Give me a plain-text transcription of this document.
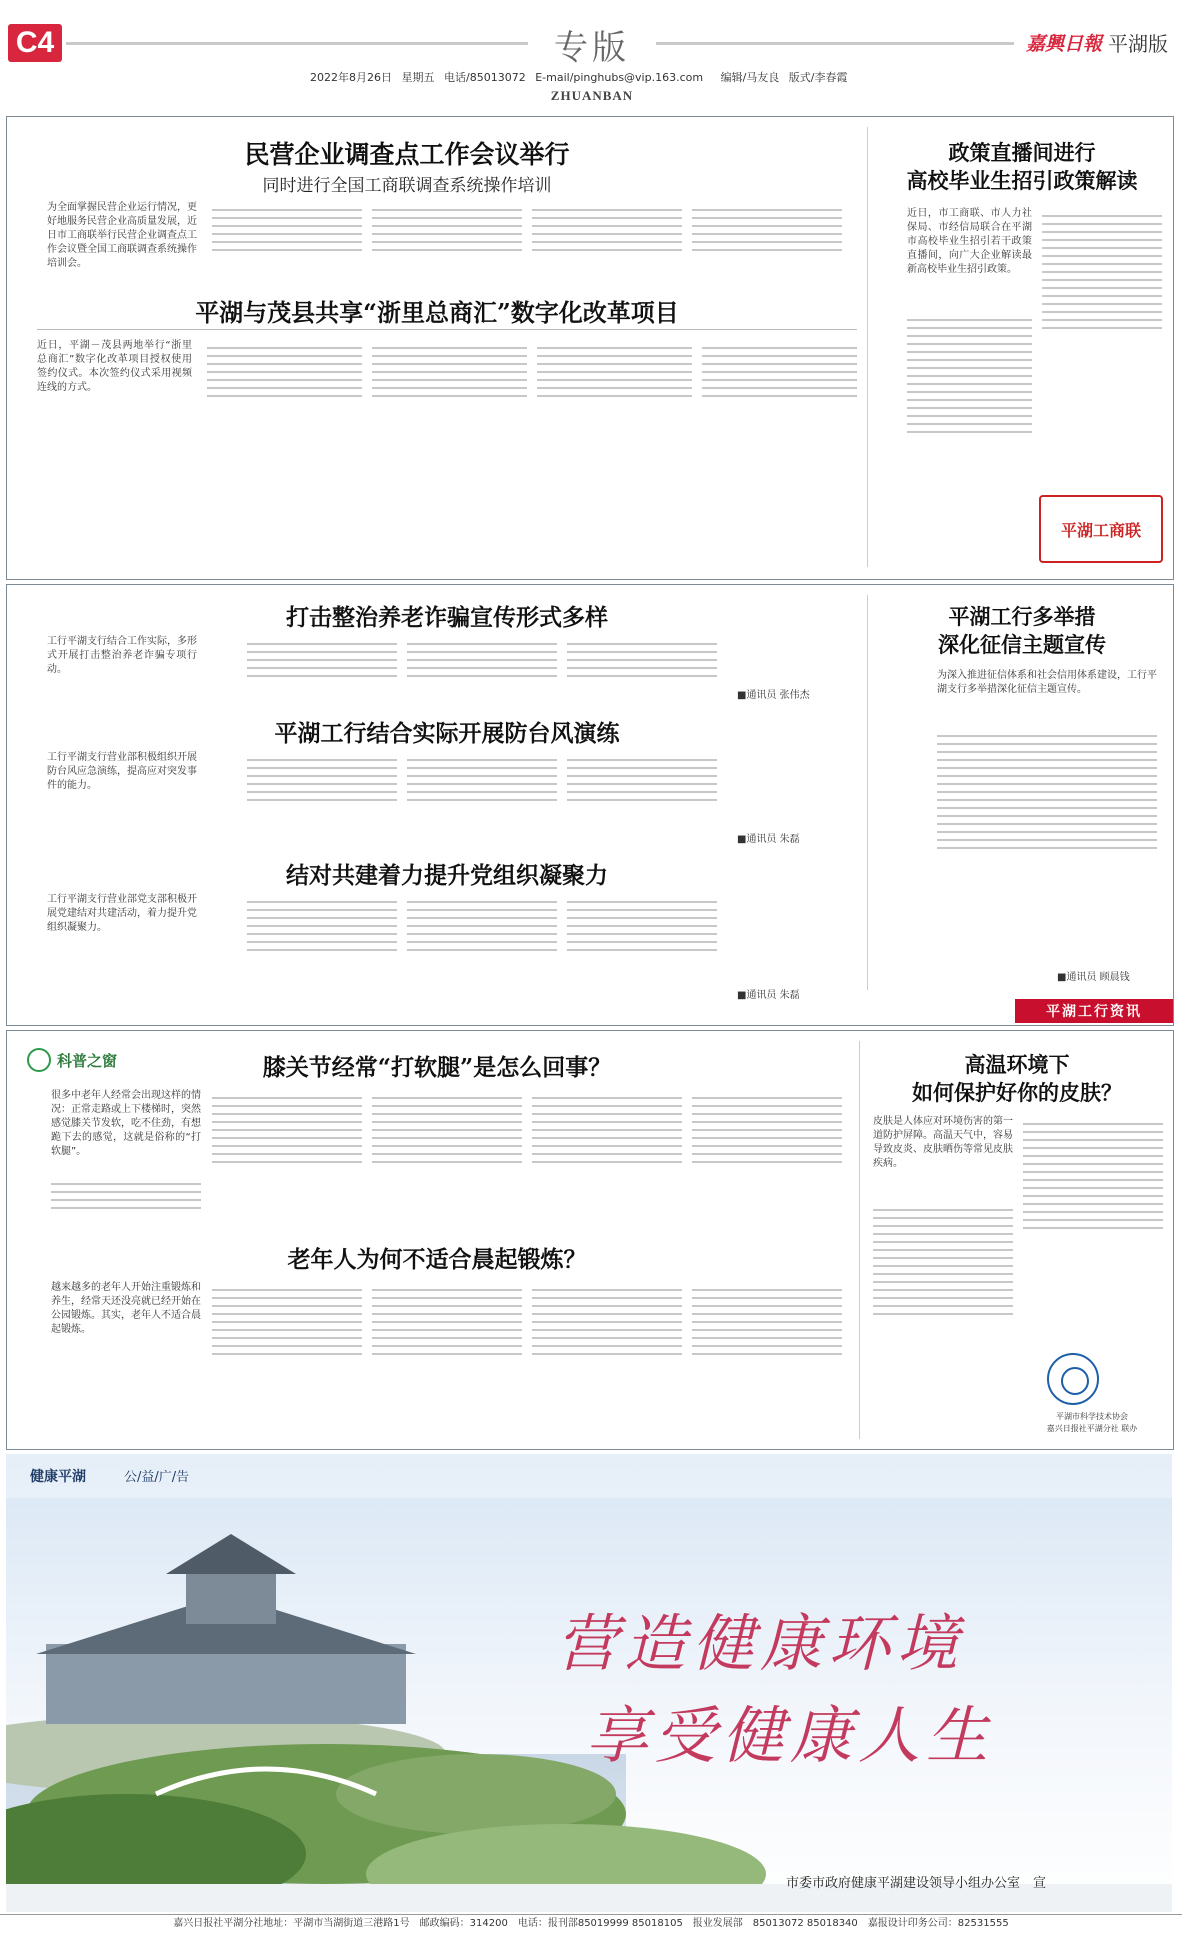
C4	专版	嘉興日報 平湖版
2022年8月26日 星期五 电话/85013072 E-mail/pinghubs@vip.163.com 编辑/马友良 版式/李春霞
ZHUANBAN
民营企业调查点工作会议举行
同时进行全国工商联调查系统操作培训
为全面掌握民营企业运行情况，更好地服务民营企业高质量发展，近日市工商联举行民营企业调查点工作会议暨全国工商联调查系统操作培训会。
平湖与茂县共享“浙里总商汇”数字化改革项目
近日，平湖－茂县两地举行“浙里总商汇”数字化改革项目授权使用签约仪式。本次签约仪式采用视频连线的方式。
政策直播间进行
高校毕业生招引政策解读
近日，市工商联、市人力社保局、市经信局联合在平湖市高校毕业生招引若干政策直播间，向广大企业解读最新高校毕业生招引政策。
平湖工商联
打击整治养老诈骗宣传形式多样
工行平湖支行结合工作实际，多形式开展打击整治养老诈骗专项行动。
■通讯员 张伟杰
平湖工行结合实际开展防台风演练
工行平湖支行营业部积极组织开展防台风应急演练，提高应对突发事件的能力。
■通讯员 朱磊
结对共建着力提升党组织凝聚力
工行平湖支行营业部党支部积极开展党建结对共建活动，着力提升党组织凝聚力。
■通讯员 朱磊
平湖工行多举措
深化征信主题宣传
为深入推进征信体系和社会信用体系建设，工行平湖支行多举措深化征信主题宣传。
■通讯员 顾晨钱
平湖工行资讯
科普之窗	膝关节经常“打软腿”是怎么回事？
很多中老年人经常会出现这样的情况：正常走路或上下楼梯时，突然感觉膝关节发软，吃不住劲，有想跪下去的感觉，这就是俗称的“打软腿”。
老年人为何不适合晨起锻炼？
越来越多的老年人开始注重锻炼和养生，经常天还没亮就已经开始在公园锻炼。其实，老年人不适合晨起锻炼。
高温环境下
如何保护好你的皮肤？
皮肤是人体应对环境伤害的第一道防护屏障。高温天气中，容易导致皮炎、皮肤晒伤等常见皮肤疾病。
平湖市科学技术协会
嘉兴日报社平湖分社 联办
健康平湖	公/益/广/告
营造健康环境
享受健康人生
市委市政府健康平湖建设领导小组办公室　宣
嘉兴日报社平湖分社地址：平湖市当湖街道三港路1号　邮政编码：314200　电话：报刊部85019999 85018105　报业发展部　85013072 85018340　嘉报设计印务公司：82531555
